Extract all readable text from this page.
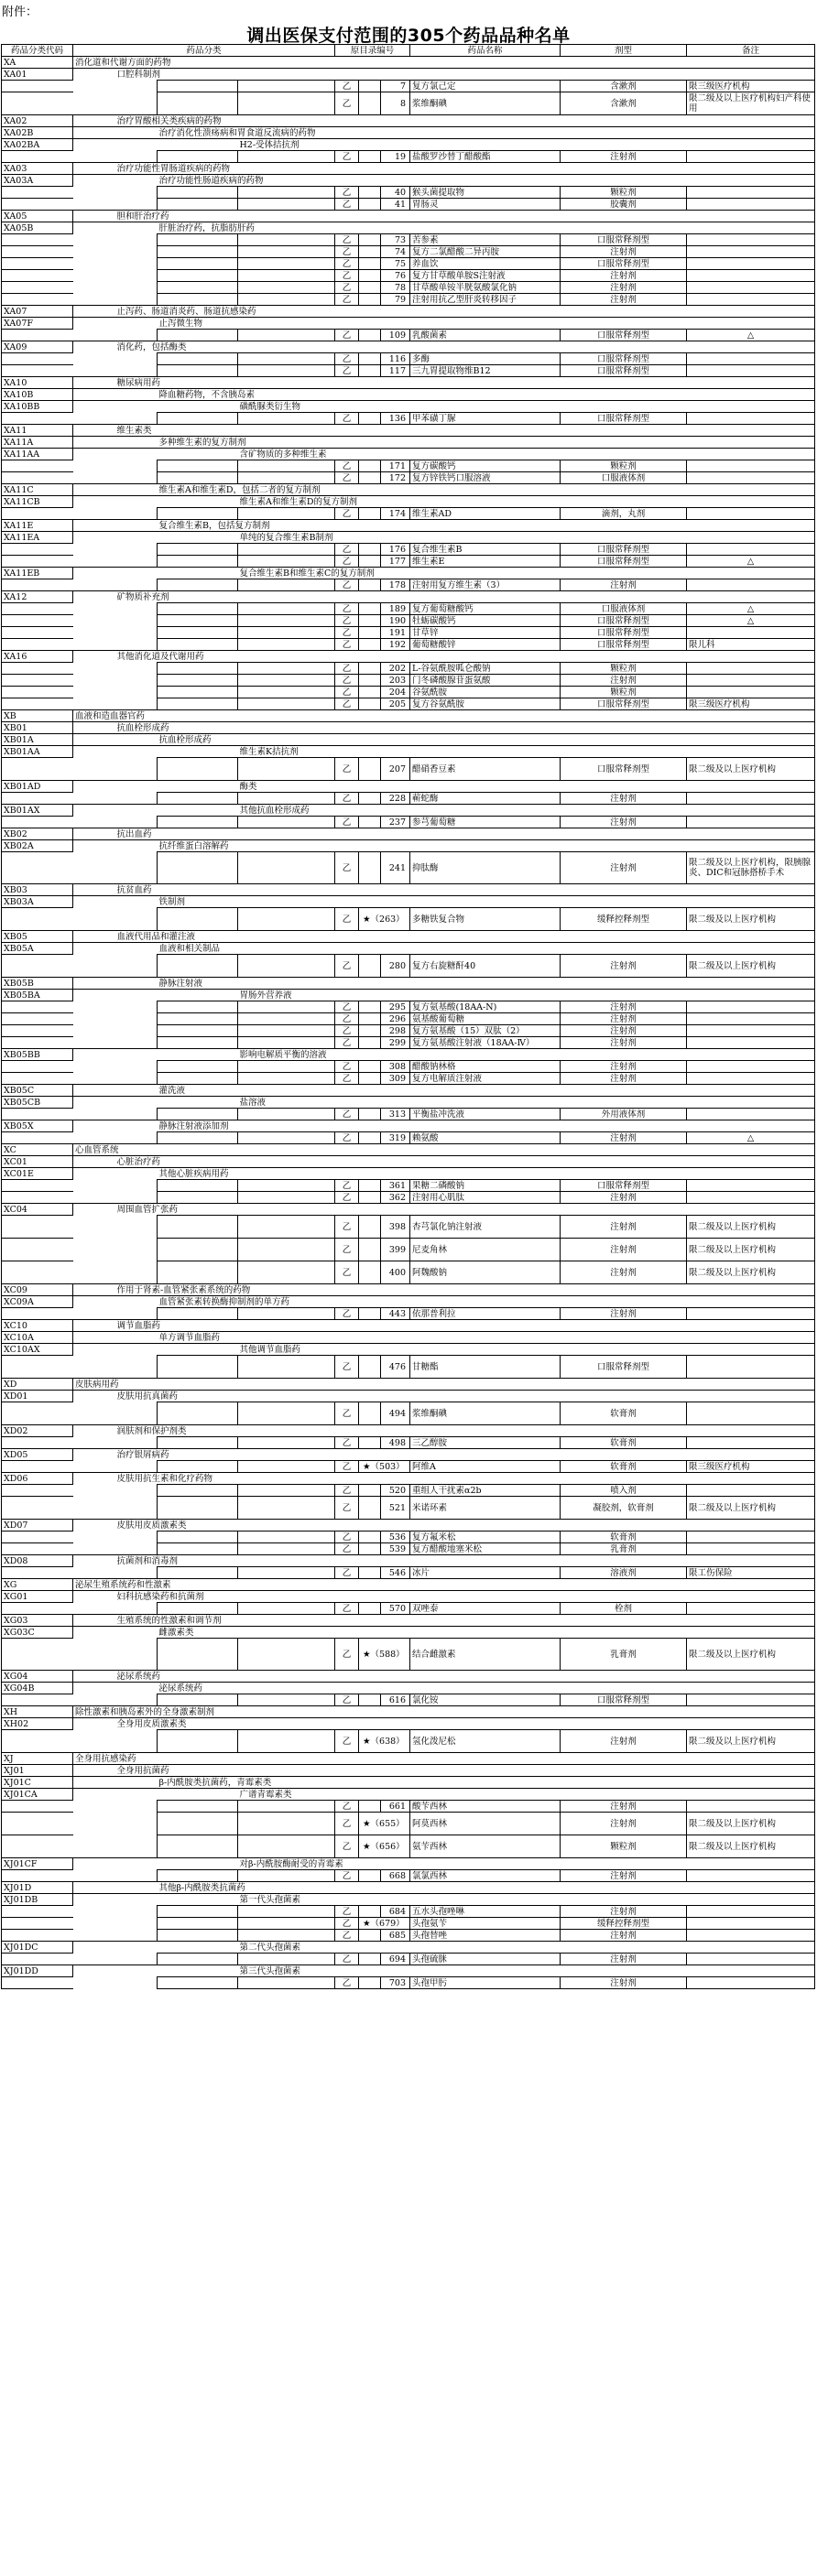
附件：
调出医保支付范围的305个药品品种名单
药品分类代码	药品分类				原目录编号			药品名称	剂型	备注
XA	消化道和代谢方面的药物									
XA01		口腔科制剂								
					乙		7	复方氯己定	含漱剂	限三级医疗机构
					乙		8	浆维酮碘	含漱剂	限二级及以上医疗机构妇产科使用
XA02		治疗胃酸相关类疾病的药物								
XA02B			治疗消化性溃疡病和胃食道反流病的药物							
XA02BA				H2-受体拮抗剂						
					乙		19	盐酸罗沙替丁醋酸酯	注射剂	
XA03		治疗功能性胃肠道疾病的药物								
XA03A			治疗功能性肠道疾病的药物							
					乙		40	猴头菌提取物	颗粒剂	
					乙		41	胃肠灵	胶囊剂	
XA05		胆和肝治疗药								
XA05B			肝脏治疗药，抗脂肪肝药							
					乙		73	苦参素	口服常释剂型	
					乙		74	复方二氯醋酸二异丙胺	注射剂	
					乙		75	养血饮	口服常释剂型	
					乙		76	复方甘草酸单胺S注射液	注射剂	
					乙		78	甘草酸单铵半胱氨酸氯化钠	注射剂	
					乙		79	注射用抗乙型肝炎转移因子	注射剂	
XA07		止泻药、肠道消炎药、肠道抗感染药								
XA07F			止泻微生物							
					乙		109	乳酸菌素	口服常释剂型	△
XA09		消化药，包括酶类								
					乙		116	多酶	口服常释剂型	
					乙		117	三九胃提取物维B12	口服常释剂型	
XA10		糖尿病用药								
XA10B			降血糖药物，不含胰岛素							
XA10BB				磺酰脲类衍生物						
					乙		136	甲苯磺丁脲	口服常释剂型	
XA11		维生素类								
XA11A			多种维生素的复方制剂							
XA11AA				含矿物质的多种维生素						
					乙		171	复方碳酸钙	颗粒剂	
					乙		172	复方锌铁钙口服溶液	口服液体剂	
XA11C			维生素A和维生素D，包括二者的复方制剂							
XA11CB				维生素A和维生素D的复方制剂						
					乙		174	维生素AD	滴剂，丸剂	
XA11E			复合维生素B，包括复方制剂							
XA11EA				单纯的复合维生素B制剂						
					乙		176	复合维生素B	口服常释剂型	
					乙		177	维生素E	口服常释剂型	△
XA11EB				复合维生素B和维生素C的复方制剂						
					乙		178	注射用复方维生素（3）	注射剂	
XA12		矿物质补充剂								
					乙		189	复方葡萄糖酸钙	口服液体剂	△
					乙		190	牡蛎碳酸钙	口服常释剂型	△
					乙		191	甘草锌	口服常释剂型	
					乙		192	葡萄糖酸锌	口服常释剂型	限儿科
XA16		其他消化道及代谢用药								
					乙		202	L-谷氨酰胺呱仑酸钠	颗粒剂	
					乙		203	门冬磷酸腺苷蛋氨酸	注射剂	
					乙		204	谷氨酰胺	颗粒剂	
					乙		205	复方谷氨酰胺	口服常释剂型	限三级医疗机构
XB	血液和造血器官药									
XB01		抗血栓形成药								
XB01A			抗血栓形成药							
XB01AA				维生素K拮抗剂						
					乙		207	醋硝香豆素	口服常释剂型	限二级及以上医疗机构
XB01AD				酶类						
					乙		228	蕲蛇酶	注射剂	
XB01AX				其他抗血栓形成药						
					乙		237	参芎葡萄糖	注射剂	
XB02		抗出血药								
XB02A			抗纤维蛋白溶解药							
					乙		241	抑肽酶	注射剂	限二级及以上医疗机构，限胰腺炎、DIC和冠脉搭桥手术
XB03		抗贫血药								
XB03A			铁制剂							
					乙	★（263）		多糖铁复合物	缓释控释剂型	限二级及以上医疗机构
XB05		血液代用品和灌注液								
XB05A			血液和相关制品							
					乙		280	复方右旋糖酐40	注射剂	限二级及以上医疗机构
XB05B			静脉注射液							
XB05BA				胃肠外营养液						
					乙		295	复方氨基酸(18AA-N)	注射剂	
					乙		296	氨基酸葡萄糖	注射剂	
					乙		298	复方氨基酸（15）双肽（2）	注射剂	
					乙		299	复方氨基酸注射液（18AA-Ⅳ）	注射剂	
XB05BB				影响电解质平衡的溶液						
					乙		308	醋酸钠林格	注射剂	
					乙		309	复方电解质注射液	注射剂	
XB05C			灌洗液							
XB05CB				盐溶液						
					乙		313	平衡盐冲洗液	外用液体剂	
XB05X			静脉注射液添加剂							
					乙		319	赖氨酸	注射剂	△
XC	心血管系统									
XC01		心脏治疗药								
XC01E			其他心脏疾病用药							
					乙		361	果糖二磷酸钠	口服常释剂型	
					乙		362	注射用心肌肽	注射剂	
XC04		周围血管扩张药								
					乙		398	杏芎氯化钠注射液	注射剂	限二级及以上医疗机构
					乙		399	尼麦角林	注射剂	限二级及以上医疗机构
					乙		400	阿魏酸钠	注射剂	限二级及以上医疗机构
XC09		作用于肾素-血管紧张素系统的药物								
XC09A			血管紧张素转换酶抑制剂的单方药							
					乙		443	依那普利拉	注射剂	
XC10		调节血脂药								
XC10A			单方调节血脂药							
XC10AX				其他调节血脂药						
					乙		476	甘糖酯	口服常释剂型	
XD	皮肤病用药									
XD01		皮肤用抗真菌药								
					乙		494	浆维酮碘	软膏剂	
XD02		润肤剂和保护剂类								
					乙		498	三乙醇胺	软膏剂	
XD05		治疗银屑病药								
					乙	★（503）		阿维A	软膏剂	限三级医疗机构
XD06		皮肤用抗生素和化疗药物								
					乙		520	重组人干扰素α2b	喷入剂	
					乙		521	米诺环素	凝胶剂，软膏剂	限二级及以上医疗机构
XD07		皮肤用皮质激素类								
					乙		536	复方氟米松	软膏剂	
					乙		539	复方醋酸地塞米松	乳膏剂	
XD08		抗菌剂和消毒剂								
					乙		546	冰片	溶液剂	限工伤保险
XG	泌尿生殖系统药和性激素									
XG01		妇科抗感染药和抗菌剂								
					乙		570	双唑泰	栓剂	
XG03		生殖系统的性激素和调节剂								
XG03C			雌激素类							
					乙	★（588）		结合雌激素	乳膏剂	限二级及以上医疗机构
XG04		泌尿系统药								
XG04B			泌尿系统药							
					乙		616	氯化铵	口服常释剂型	
XH	除性激素和胰岛素外的全身激素制剂									
XH02		全身用皮质激素类								
					乙	★（638）		氢化泼尼松	注射剂	限二级及以上医疗机构
XJ	全身用抗感染药									
XJ01		全身用抗菌药								
XJ01C			β-内酰胺类抗菌药，青霉素类							
XJ01CA				广谱青霉素类						
					乙		661	酸苄西林	注射剂	
					乙	★（655）		阿莫西林	注射剂	限二级及以上医疗机构
					乙	★（656）		氨苄西林	颗粒剂	限二级及以上医疗机构
XJ01CF				对β-内酰胺酶耐受的青霉素						
					乙		668	氯氯西林	注射剂	
XJ01D			其他β-内酰胺类抗菌药							
XJ01DB				第一代头孢菌素						
					乙		684	五水头孢唑啉	注射剂	
					乙	★（679）		头孢氨苄	缓释控释剂型	
					乙		685	头孢替唑	注射剂	
XJ01DC				第二代头孢菌素						
					乙		694	头孢硫脒	注射剂	
XJ01DD				第三代头孢菌素						
					乙		703	头孢甲肟	注射剂	
